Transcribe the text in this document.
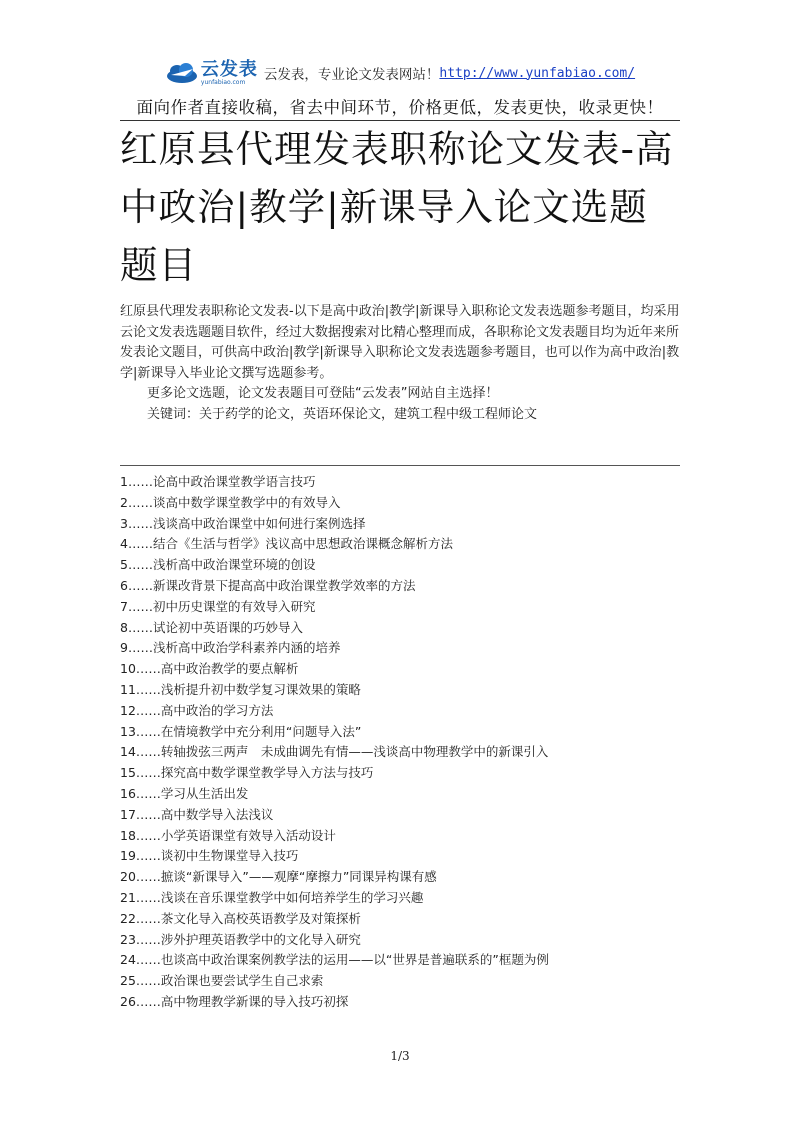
云发表
yunfabiao.com	云发表，专业论文发表网站！ http://www.yunfabiao.com/
面向作者直接收稿，省去中间环节，价格更低，发表更快，收录更快！
红原县代理发表职称论文发表-高中政治|教学|新课导入论文选题题目

红原县代理发表职称论文发表-以下是高中政治|教学|新课导入职称论文发表选题参考题目，均采用云论文发表选题题目软件，经过大数据搜索对比精心整理而成，各职称论文发表题目均为近年来所发表论文题目，可供高中政治|教学|新课导入职称论文发表选题参考题目，也可以作为高中政治|教学|新课导入毕业论文撰写选题参考。

更多论文选题，论文发表题目可登陆“云发表”网站自主选择！

关键词：关于药学的论文，英语环保论文，建筑工程中级工程师论文

1……论高中政治课堂教学语言技巧
2……谈高中数学课堂教学中的有效导入
3……浅谈高中政治课堂中如何进行案例选择
4……结合《生活与哲学》浅议高中思想政治课概念解析方法
5……浅析高中政治课堂环境的创设
6……新课改背景下提高高中政治课堂教学效率的方法
7……初中历史课堂的有效导入研究
8……试论初中英语课的巧妙导入
9……浅析高中政治学科素养内涵的培养
10……高中政治教学的要点解析
11……浅析提升初中数学复习课效果的策略
12……高中政治的学习方法
13……在情境教学中充分利用“问题导入法”
14……转轴拨弦三两声　未成曲调先有情——浅谈高中物理教学中的新课引入
15……探究高中数学课堂教学导入方法与技巧
16……学习从生活出发
17……高中数学导入法浅议
18……小学英语课堂有效导入活动设计
19……谈初中生物课堂导入技巧
20……摭谈“新课导入”——观摩“摩擦力”同课异构课有感
21……浅谈在音乐课堂教学中如何培养学生的学习兴趣
22……茶文化导入高校英语教学及对策探析
23……涉外护理英语教学中的文化导入研究
24……也谈高中政治课案例教学法的运用——以“世界是普遍联系的”框题为例
25……政治课也要尝试学生自己求索
26……高中物理教学新课的导入技巧初探
1/3
